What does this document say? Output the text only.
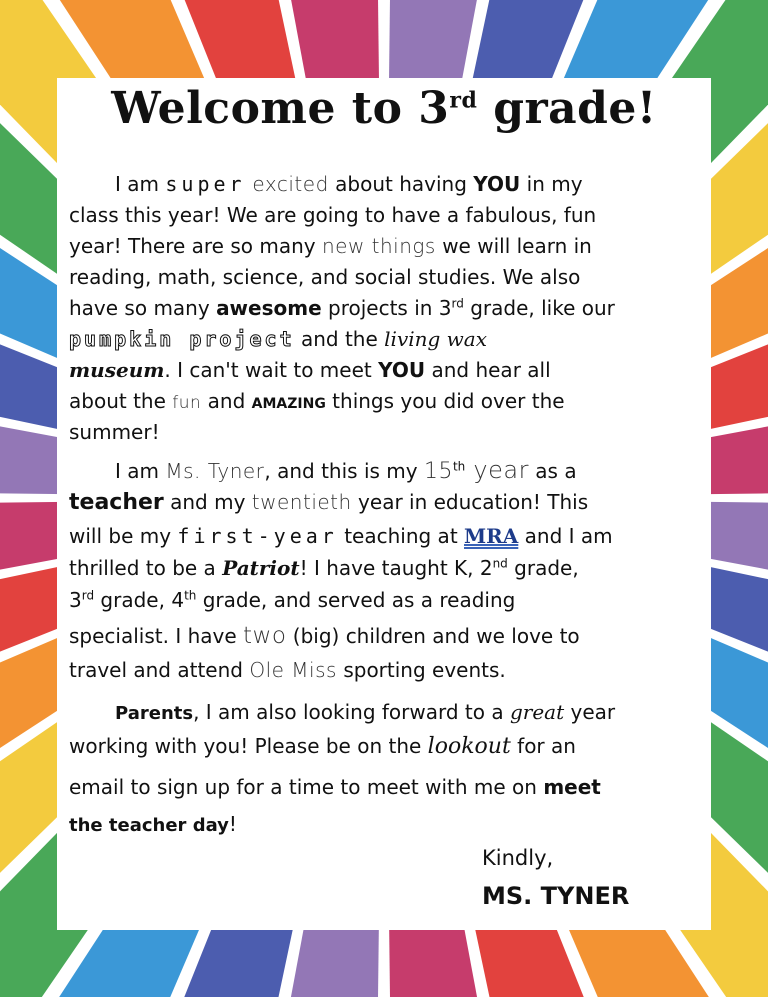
Welcome to 3rd grade!
I am super excited about having YOU in my
class this year! We are going to have a fabulous, fun
year! There are so many new things we will learn in
reading, math, science, and social studies. We also
have so many awesome projects in 3rd grade, like our
pumpkin project and the living wax
museum. I can't wait to meet YOU and hear all
about the fun and AMAZING things you did over the
summer!
I am Ms. Tyner, and this is my 15th year as a
teacher and my twentieth year in education! This
will be my first-year teaching at MRA and I am
thrilled to be a Patriot! I have taught K, 2nd grade,
3rd grade, 4th grade, and served as a reading
specialist. I have two (big) children and we love to
travel and attend Ole Miss sporting events.
Parents, I am also looking forward to a great year
working with you! Please be on the lookout for an
email to sign up for a time to meet with me on meet
the teacher day!
Kindly,
MS. TYNER
